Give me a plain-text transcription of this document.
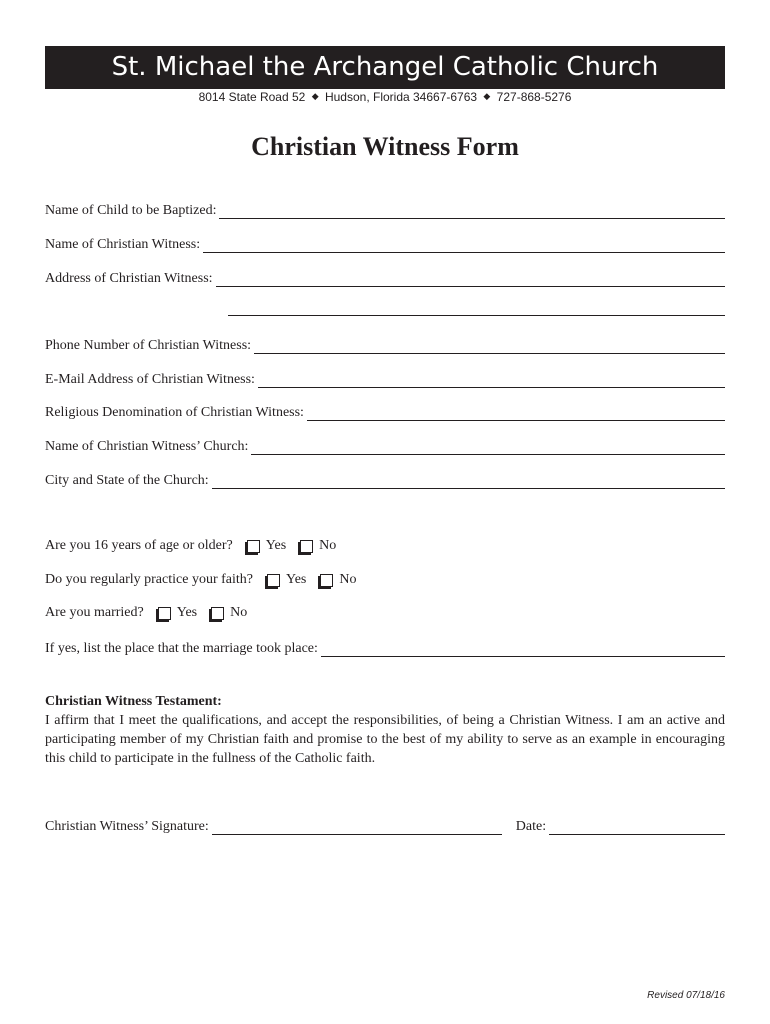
St. Michael the Archangel Catholic Church
8014 State Road 52 ◆ Hudson, Florida 34667-6763 ◆ 727-868-5276
Christian Witness Form
Name of Child to be Baptized:
Name of Christian Witness:
Address of Christian Witness:
Phone Number of Christian Witness:
E-Mail Address of Christian Witness:
Religious Denomination of Christian Witness:
Name of Christian Witness’ Church:
City and State of the Church:
Are you 16 years of age or older? Yes No
Do you regularly practice your faith? Yes No
Are you married? Yes No
If yes, list the place that the marriage took place:
Christian Witness Testament:
I affirm that I meet the qualifications, and accept the responsibilities, of being a Christian Witness. I am an active and participating member of my Christian faith and promise to the best of my ability to serve as an example in encouraging this child to participate in the fullness of the Catholic faith.
Christian Witness’ Signature:	Date:
Revised 07/18/16
